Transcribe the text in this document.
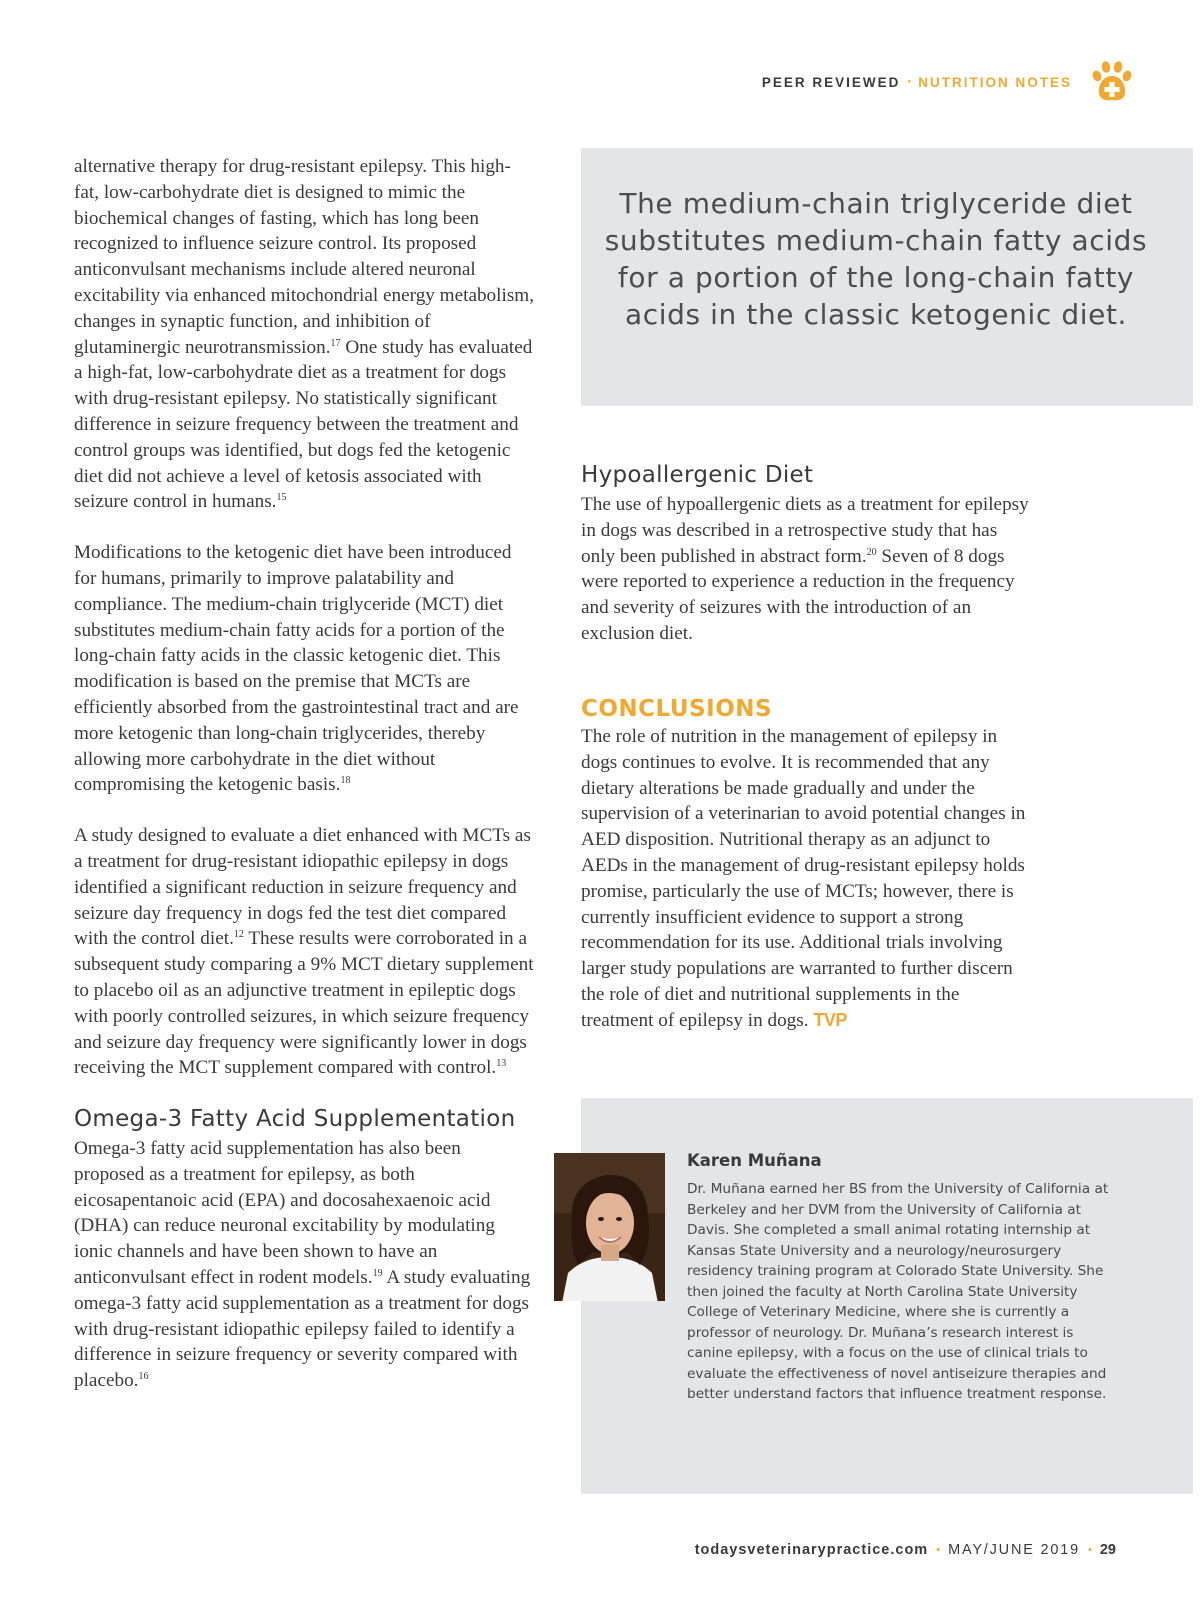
PEER REVIEWED • NUTRITION NOTES

alternative therapy for drug-resistant epilepsy. This high-fat, low-carbohydrate diet is designed to mimic the biochemical changes of fasting, which has long been recognized to influence seizure control. Its proposed anticonvulsant mechanisms include altered neuronal excitability via enhanced mitochondrial energy metabolism, changes in synaptic function, and inhibition of glutaminergic neurotransmission.$^{17}$ One study has evaluated a high-fat, low-carbohydrate diet as a treatment for dogs with drug-resistant epilepsy. No statistically significant difference in seizure frequency between the treatment and control groups was identified, but dogs fed the ketogenic diet did not achieve a level of ketosis associated with seizure control in humans.$^{15}$

Modifications to the ketogenic diet have been introduced for humans, primarily to improve palatability and compliance. The medium-chain triglyceride (MCT) diet substitutes medium-chain fatty acids for a portion of the long-chain fatty acids in the classic ketogenic diet. This modification is based on the premise that MCTs are efficiently absorbed from the gastrointestinal tract and are more ketogenic than long-chain triglycerides, thereby allowing more carbohydrate in the diet without compromising the ketogenic basis.$^{18}$

A study designed to evaluate a diet enhanced with MCTs as a treatment for drug-resistant idiopathic epilepsy in dogs identified a significant reduction in seizure frequency and seizure day frequency in dogs fed the test diet compared with the control diet.$^{12}$ These results were corroborated in a subsequent study comparing a 9% MCT dietary supplement to placebo oil as an adjunctive treatment in epileptic dogs with poorly controlled seizures, in which seizure frequency and seizure day frequency were significantly lower in dogs receiving the MCT supplement compared with control.$^{13}$

Omega-3 Fatty Acid Supplementation

Omega-3 fatty acid supplementation has also been proposed as a treatment for epilepsy, as both eicosapentanoic acid (EPA) and docosahexaenoic acid (DHA) can reduce neuronal excitability by modulating ionic channels and have been shown to have an anticonvulsant effect in rodent models.$^{19}$ A study evaluating omega-3 fatty acid supplementation as a treatment for dogs with drug-resistant idiopathic epilepsy failed to identify a difference in seizure frequency or severity compared with placebo.$^{16}$

The medium-chain triglyceride diet substitutes medium-chain fatty acids for a portion of the long-chain fatty acids in the classic ketogenic diet.
Hypoallergenic Diet

The use of hypoallergenic diets as a treatment for epilepsy in dogs was described in a retrospective study that has only been published in abstract form.$^{20}$ Seven of 8 dogs were reported to experience a reduction in the frequency and severity of seizures with the introduction of an exclusion diet.

CONCLUSIONS

The role of nutrition in the management of epilepsy in dogs continues to evolve. It is recommended that any dietary alterations be made gradually and under the supervision of a veterinarian to avoid potential changes in AED disposition. Nutritional therapy as an adjunct to AEDs in the management of drug-resistant epilepsy holds promise, particularly the use of MCTs; however, there is currently insufficient evidence to support a strong recommendation for its use. Additional trials involving larger study populations are warranted to further discern the role of diet and nutritional supplements in the treatment of epilepsy in dogs. TVP

Karen Muñana
Dr. Muñana earned her BS from the University of California at Berkeley and her DVM from the University of California at Davis. She completed a small animal rotating internship at Kansas State University and a neurology/neurosurgery residency training program at Colorado State University. She then joined the faculty at North Carolina State University College of Veterinary Medicine, where she is currently a professor of neurology. Dr. Muñana’s research interest is canine epilepsy, with a focus on the use of clinical trials to evaluate the effectiveness of novel antiseizure therapies and better understand factors that influence treatment response.
todaysveterinarypractice.com • MAY/JUNE 2019 • 29
